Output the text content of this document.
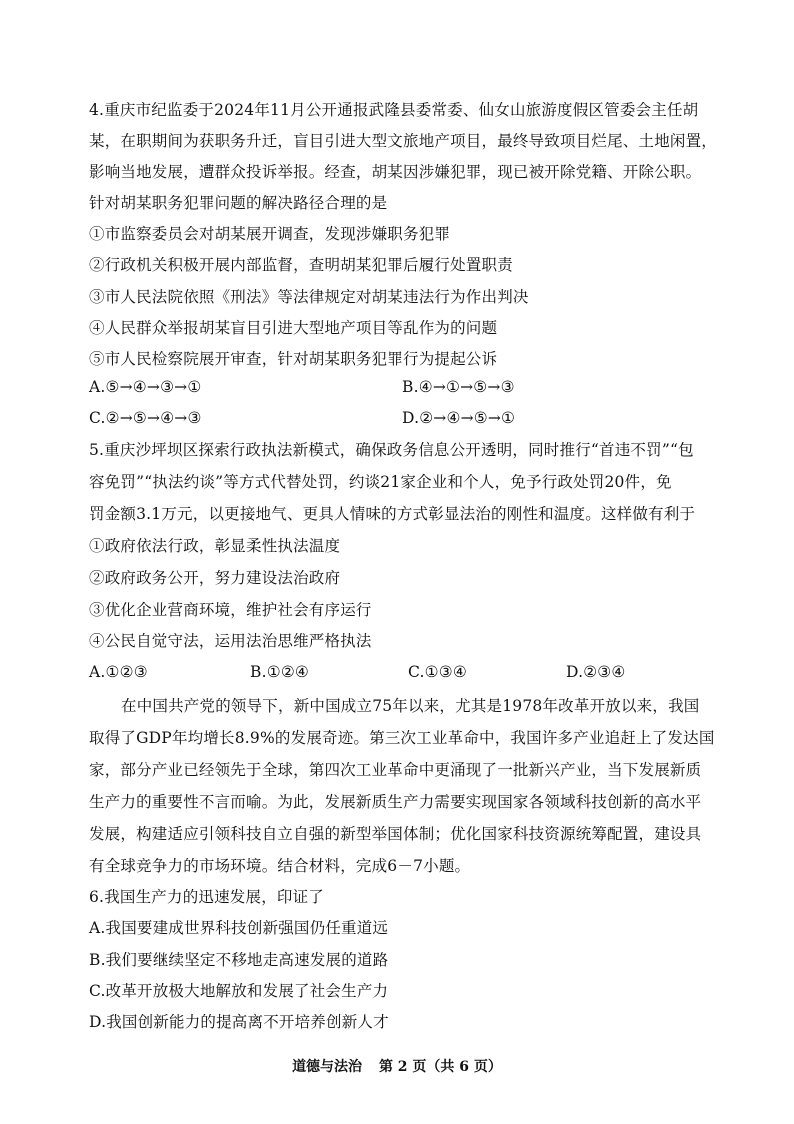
4.重庆市纪监委于2024年11月公开通报武隆县委常委、仙女山旅游度假区管委会主任胡
某，在职期间为获职务升迁，盲目引进大型文旅地产项目，最终导致项目烂尾、土地闲置，
影响当地发展，遭群众投诉举报。经查，胡某因涉嫌犯罪，现已被开除党籍、开除公职。
针对胡某职务犯罪问题的解决路径合理的是
①市监察委员会对胡某展开调查，发现涉嫌职务犯罪
②行政机关积极开展内部监督，查明胡某犯罪后履行处置职责
③市人民法院依照《刑法》等法律规定对胡某违法行为作出判决
④人民群众举报胡某盲目引进大型地产项目等乱作为的问题
⑤市人民检察院展开审查，针对胡某职务犯罪行为提起公诉
A.⑤→④→③→①	B.④→①→⑤→③
C.②→⑤→④→③	D.②→④→⑤→①
5.重庆沙坪坝区探索行政执法新模式，确保政务信息公开透明，同时推行“首违不罚”“包
容免罚”“执法约谈”等方式代替处罚，约谈21家企业和个人，免予行政处罚20件，免
罚金额3.1万元，以更接地气、更具人情味的方式彰显法治的刚性和温度。这样做有利于
①政府依法行政，彰显柔性执法温度
②政府政务公开，努力建设法治政府
③优化企业营商环境，维护社会有序运行
④公民自觉守法，运用法治思维严格执法
A.①②③	B.①②④	C.①③④	D.②③④
在中国共产党的领导下，新中国成立75年以来，尤其是1978年改革开放以来，我国
取得了GDP年均增长8.9%的发展奇迹。第三次工业革命中，我国许多产业追赶上了发达国
家，部分产业已经领先于全球，第四次工业革命中更涌现了一批新兴产业，当下发展新质
生产力的重要性不言而喻。为此，发展新质生产力需要实现国家各领域科技创新的高水平
发展，构建适应引领科技自立自强的新型举国体制；优化国家科技资源统筹配置，建设具
有全球竞争力的市场环境。结合材料，完成6－7小题。
6.我国生产力的迅速发展，印证了
A.我国要建成世界科技创新强国仍任重道远
B.我们要继续坚定不移地走高速发展的道路
C.改革开放极大地解放和发展了社会生产力
D.我国创新能力的提高离不开培养创新人才
道德与法治 第 2 页（共 6 页）
